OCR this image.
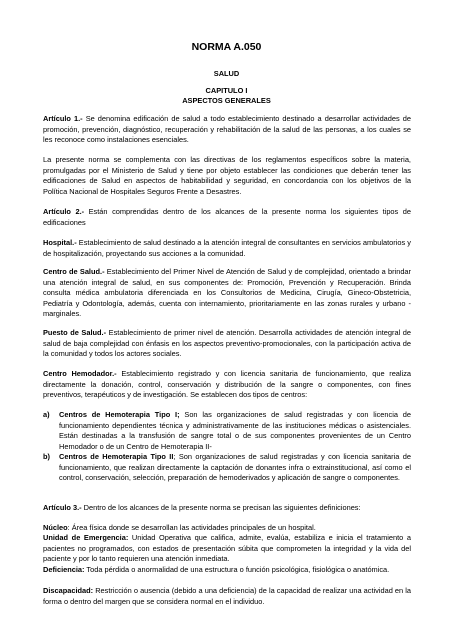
NORMA A.050
SALUD
CAPITULO I
ASPECTOS GENERALES

Artículo 1.- Se denomina edificación de salud a todo establecimiento destinado a desarrollar actividades de promoción, prevención, diagnóstico, recuperación y rehabilitación de la salud de las personas, a los cuales se les reconoce como instalaciones esenciales.

La presente norma se complementa con las directivas de los reglamentos específicos sobre la materia, promulgadas por el Ministerio de Salud y tiene por objeto establecer las condiciones que deberán tener las edificaciones de Salud en aspectos de habitabilidad y seguridad, en concordancia con los objetivos de la Política Nacional de Hospitales Seguros Frente a Desastres.

Artículo 2.- Están comprendidas dentro de los alcances de la presente norma los siguientes tipos de edificaciones

Hospital.- Establecimiento de salud destinado a la atención integral de consultantes en servicios ambulatorios y de hospitalización, proyectando sus acciones a la comunidad.

Centro de Salud.- Establecimiento del Primer Nivel de Atención de Salud y de complejidad, orientado a brindar una atención integral de salud, en sus componentes de: Promoción, Prevención y Recuperación. Brinda consulta médica ambulatoria diferenciada en los Consultorios de Medicina, Cirugía, Gineco-Obstetricia, Pediatría y Odontología, además, cuenta con internamiento, prioritariamente en las zonas rurales y urbano - marginales.

Puesto de Salud.- Establecimiento de primer nivel de atención. Desarrolla actividades de atención integral de salud de baja complejidad con énfasis en los aspectos preventivo-promocionales, con la participación activa de la comunidad y todos los actores sociales.

Centro Hemodador.- Establecimiento registrado y con licencia sanitaria de funcionamiento, que realiza directamente la donación, control, conservación y distribución de la sangre o componentes, con fines preventivos, terapéuticos y de investigación. Se establecen dos tipos de centros:

a) Centros de Hemoterapia Tipo I; Son las organizaciones de salud registradas y con licencia de funcionamiento dependientes técnica y administrativamente de las instituciones médicas o asistenciales. Están destinadas a la transfusión de sangre total o de sus componentes provenientes de un Centro Hemodador o de un Centro de Hemoterapia II-
b) Centros de Hemoterapia Tipo II; Son organizaciones de salud registradas y con licencia sanitaria de funcionamiento, que realizan directamente la captación de donantes infra o extrainstitucional, así como el control, conservación, selección, preparación de hemoderivados y aplicación de sangre o componentes.

Artículo 3.- Dentro de los alcances de la presente norma se precisan las siguientes definiciones:

Núcleo: Área física donde se desarrollan las actividades principales de un hospital.

Unidad de Emergencia: Unidad Operativa que califica, admite, evalúa, estabiliza e inicia el tratamiento a pacientes no programados, con estados de presentación súbita que comprometen la integridad y la vida del paciente y por lo tanto requieren una atención inmediata.

Deficiencia: Toda pérdida o anormalidad de una estructura o función psicológica, fisiológica o anatómica.

Discapacidad: Restricción o ausencia (debido a una deficiencia) de la capacidad de realizar una actividad en la forma o dentro del margen que se considera normal en el individuo.
